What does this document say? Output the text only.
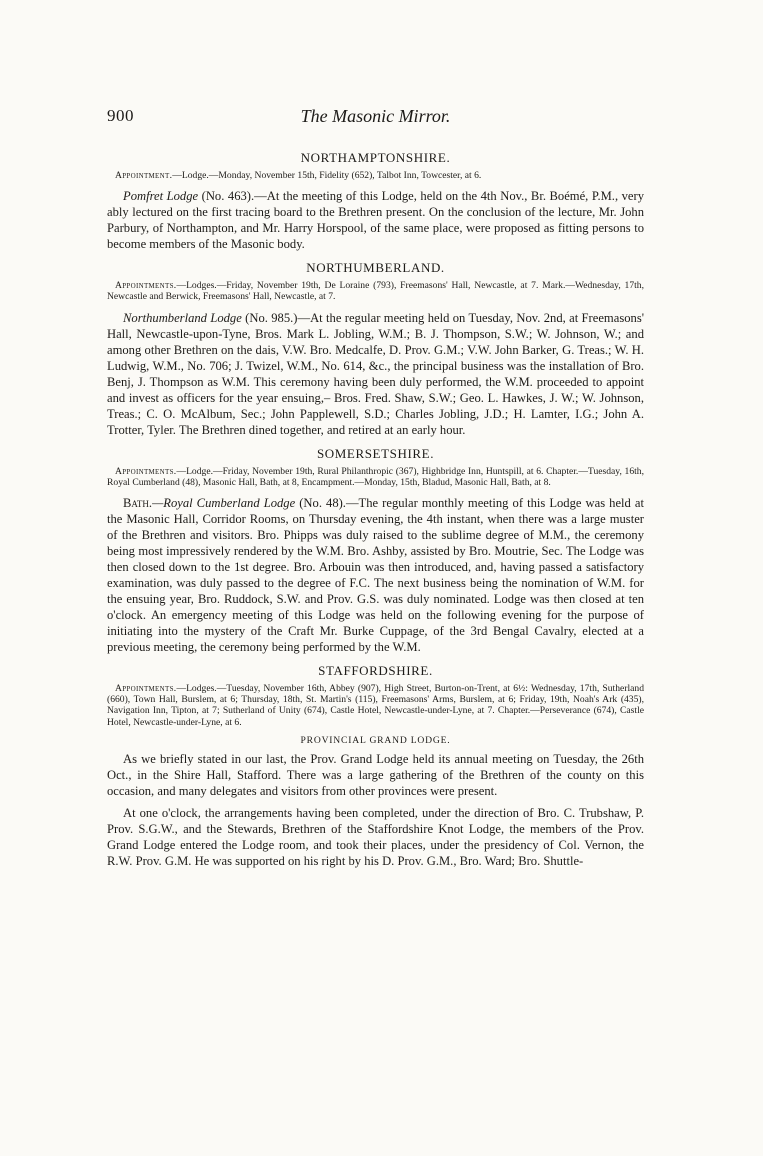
900	The Masonic Mirror.
NORTHAMPTONSHIRE.

Appointment.—Lodge.—Monday, November 15th, Fidelity (652), Talbot Inn, Towcester, at 6.

Pomfret Lodge (No. 463).—At the meeting of this Lodge, held on the 4th Nov., Br. Boémé, P.M., very ably lectured on the first tracing board to the Brethren present. On the conclusion of the lecture, Mr. John Parbury, of Northampton, and Mr. Harry Horspool, of the same place, were proposed as fitting persons to become members of the Masonic body.

NORTHUMBERLAND.

Appointments.—Lodges.—Friday, November 19th, De Loraine (793), Freemasons' Hall, Newcastle, at 7. Mark.—Wednesday, 17th, Newcastle and Berwick, Freemasons' Hall, Newcastle, at 7.

Northumberland Lodge (No. 985.)—At the regular meeting held on Tuesday, Nov. 2nd, at Freemasons' Hall, Newcastle-upon-Tyne, Bros. Mark L. Jobling, W.M.; B. J. Thompson, S.W.; W. Johnson, W.; and among other Brethren on the dais, V.W. Bro. Medcalfe, D. Prov. G.M.; V.W. John Barker, G. Treas.; W. H. Ludwig, W.M., No. 706; J. Twizel, W.M., No. 614, &c., the principal business was the installation of Bro. Benj, J. Thompson as W.M. This ceremony having been duly performed, the W.M. proceeded to appoint and invest as officers for the year ensuing,– Bros. Fred. Shaw, S.W.; Geo. L. Hawkes, J. W.; W. Johnson, Treas.; C. O. McAlbum, Sec.; John Papplewell, S.D.; Charles Jobling, J.D.; H. Lamter, I.G.; John A. Trotter, Tyler. The Brethren dined together, and retired at an early hour.

SOMERSETSHIRE.

Appointments.—Lodge.—Friday, November 19th, Rural Philanthropic (367), Highbridge Inn, Huntspill, at 6. Chapter.—Tuesday, 16th, Royal Cumberland (48), Masonic Hall, Bath, at 8, Encampment.—Monday, 15th, Bladud, Masonic Hall, Bath, at 8.

Bath.—Royal Cumberland Lodge (No. 48).—The regular monthly meeting of this Lodge was held at the Masonic Hall, Corridor Rooms, on Thursday evening, the 4th instant, when there was a large muster of the Brethren and visitors. Bro. Phipps was duly raised to the sublime degree of M.M., the ceremony being most impressively rendered by the W.M. Bro. Ashby, assisted by Bro. Moutrie, Sec. The Lodge was then closed down to the 1st degree. Bro. Arbouin was then introduced, and, having passed a satisfactory examination, was duly passed to the degree of F.C. The next business being the nomination of W.M. for the ensuing year, Bro. Ruddock, S.W. and Prov. G.S. was duly nominated. Lodge was then closed at ten o'clock. An emergency meeting of this Lodge was held on the following evening for the purpose of initiating into the mystery of the Craft Mr. Burke Cuppage, of the 3rd Bengal Cavalry, elected at a previous meeting, the ceremony being performed by the W.M.

STAFFORDSHIRE.

Appointments.—Lodges.—Tuesday, November 16th, Abbey (907), High Street, Burton-on-Trent, at 6½: Wednesday, 17th, Sutherland (660), Town Hall, Burslem, at 6; Thursday, 18th, St. Martin's (115), Freemasons' Arms, Burslem, at 6; Friday, 19th, Noah's Ark (435), Navigation Inn, Tipton, at 7; Sutherland of Unity (674), Castle Hotel, Newcastle-under-Lyne, at 7. Chapter.—Perseverance (674), Castle Hotel, Newcastle-under-Lyne, at 6.

PROVINCIAL GRAND LODGE.

As we briefly stated in our last, the Prov. Grand Lodge held its annual meeting on Tuesday, the 26th Oct., in the Shire Hall, Stafford. There was a large gathering of the Brethren of the county on this occasion, and many delegates and visitors from other provinces were present.

At one o'clock, the arrangements having been completed, under the direction of Bro. C. Trubshaw, P. Prov. S.G.W., and the Stewards, Brethren of the Staffordshire Knot Lodge, the members of the Prov. Grand Lodge entered the Lodge room, and took their places, under the presidency of Col. Vernon, the R.W. Prov. G.M. He was supported on his right by his D. Prov. G.M., Bro. Ward; Bro. Shuttle-
